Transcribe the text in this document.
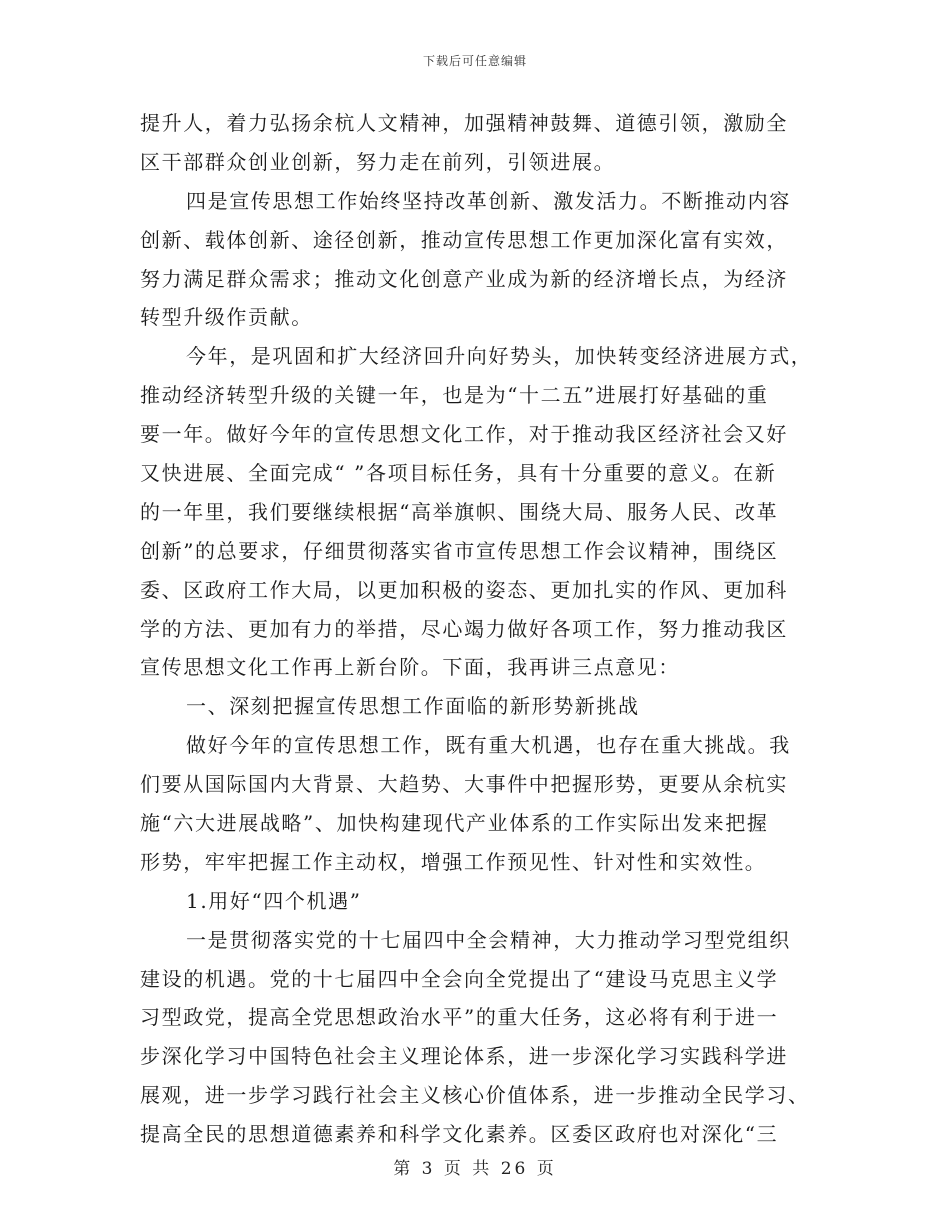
下载后可任意编辑
提升人，着力弘扬余杭人文精神，加强精神鼓舞、道德引领，激励全
区干部群众创业创新，努力走在前列，引领进展。
四是宣传思想工作始终坚持改革创新、激发活力。不断推动内容
创新、载体创新、途径创新，推动宣传思想工作更加深化富有实效，
努力满足群众需求；推动文化创意产业成为新的经济增长点，为经济
转型升级作贡献。
今年，是巩固和扩大经济回升向好势头，加快转变经济进展方式，
推动经济转型升级的关键一年，也是为“十二五”进展打好基础的重
要一年。做好今年的宣传思想文化工作，对于推动我区经济社会又好
又快进展、全面完成“ ”各项目标任务，具有十分重要的意义。在新
的一年里，我们要继续根据“高举旗帜、围绕大局、服务人民、改革
创新”的总要求，仔细贯彻落实省市宣传思想工作会议精神，围绕区
委、区政府工作大局，以更加积极的姿态、更加扎实的作风、更加科
学的方法、更加有力的举措，尽心竭力做好各项工作，努力推动我区
宣传思想文化工作再上新台阶。下面，我再讲三点意见：
一、深刻把握宣传思想工作面临的新形势新挑战
做好今年的宣传思想工作，既有重大机遇，也存在重大挑战。我
们要从国际国内大背景、大趋势、大事件中把握形势，更要从余杭实
施“六大进展战略”、加快构建现代产业体系的工作实际出发来把握
形势，牢牢把握工作主动权，增强工作预见性、针对性和实效性。
1.用好“四个机遇”
一是贯彻落实党的十七届四中全会精神，大力推动学习型党组织
建设的机遇。党的十七届四中全会向全党提出了“建设马克思主义学
习型政党，提高全党思想政治水平”的重大任务，这必将有利于进一
步深化学习中国特色社会主义理论体系，进一步深化学习实践科学进
展观，进一步学习践行社会主义核心价值体系，进一步推动全民学习、
提高全民的思想道德素养和科学文化素养。区委区政府也对深化“三
第 3 页 共 26 页
